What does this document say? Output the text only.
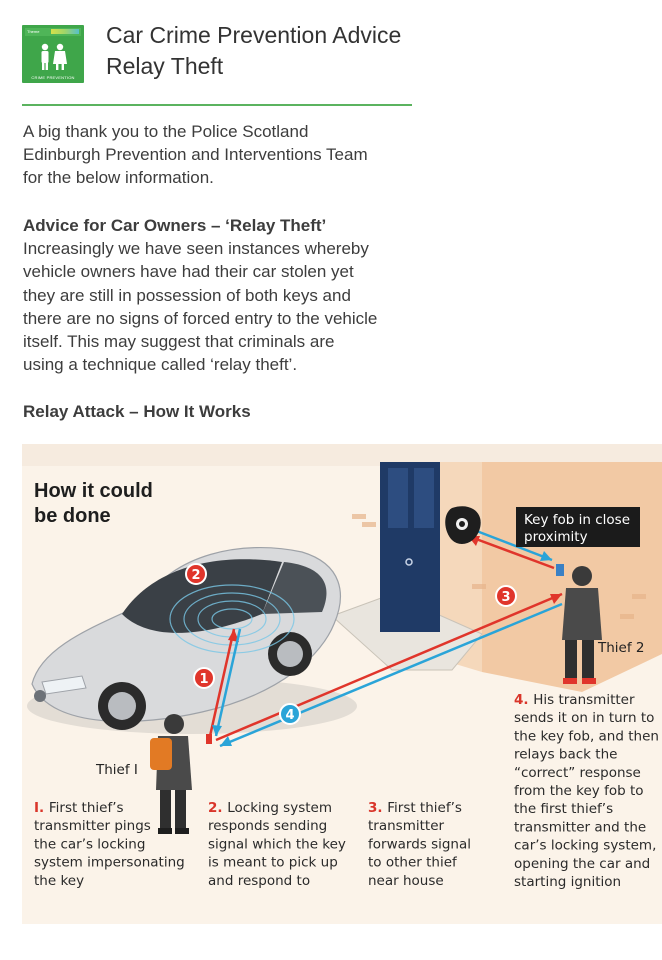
Theme
CRIME PREVENTION
Car Crime Prevention Advice
Relay Theft
A big thank you to the Police Scotland
Edinburgh Prevention and Interventions Team
for the below information.
Advice for Car Owners – ‘Relay Theft’
Increasingly we have seen instances whereby
vehicle owners have had their car stolen yet
they are still in possession of both keys and
there are no signs of forced entry to the vehicle
itself. This may suggest that criminals are
using a technique called ‘relay theft’.
Relay Attack – How It Works
Key fob in close
proximity
Thief 2
Thief I
1
2
3
4
How it could
be done
I. First thief’s transmitter pings the car’s locking system impersonating the key
2. Locking system responds sending signal which the key is meant to pick up and respond to
3. First thief’s transmitter forwards signal to other thief near house
4. His transmitter sends it on in turn to the key fob, and then relays back the “correct” response from the key fob to the first thief’s transmitter and the car’s locking system, opening the car and starting ignition
